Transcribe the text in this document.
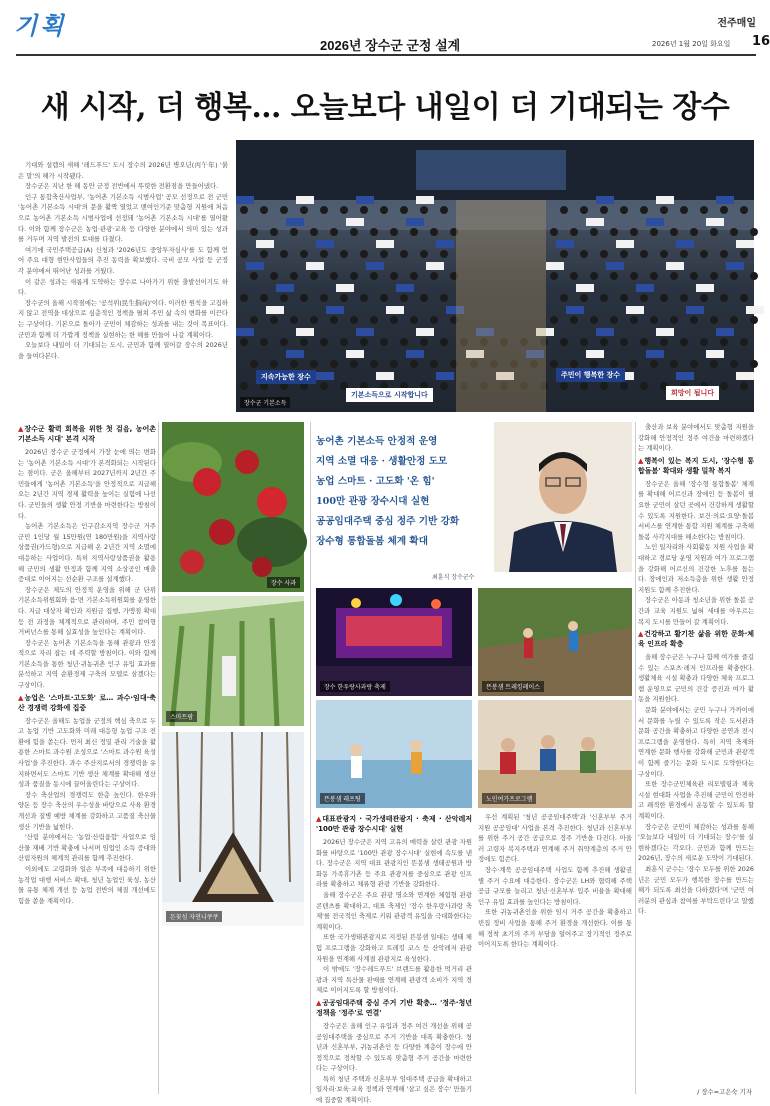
기획
2026년 장수군 군정 설계
전주매일
2026년 1월 20일 화요일 16
새 시작, 더 행복… 오늘보다 내일이 더 기대되는 장수

기대와 설렘의 새해 '레드푸드' 도시 장수의 2026년 병오년(丙午年) '붉은 말'의 해가 시작됐다.

장수군은 지난 한 해 동안 군정 전반에서 뚜렷한 전환점을 만들어냈다.

인구 통합축산사업부, '농어촌 기본소득 시범사업' 공모 선정으로 전 군민 '농어촌 기본소득 시대'의 문을 활짝 열었고 맨여인기준 맞춤형 지원에 처음으로 농어촌 기본소득 시범사업에 선정돼 '농어촌 기본소득 시대'를 열어왔다. 이와 함께 장수군은 농업·관광·교육 등 다양한 분야에서 의미 있는 성과를 거두며 지역 발전의 토대를 다졌다.

여기에 국민주택공급(A) 신청과 '2026년도 중앙투자심사'를 도 함께 얻어 주요 대형 현안사업들의 추진 동력을 확보했다. 국비 공모 사업 등 군정 각 분야에서 뛰어난 성과를 거뒀다.

이 같은 성과는 새롭게 도약하는 장수로 나아가기 위한 출발선이기도 하다.

장수군의 올해 시작점에는 '공석위(民生指向)'이다. 이러한 원칙을 고집하지 않고 전역을 대상으로 심층적인 정책을 펼쳐 주민 삶 속의 변화를 이끈다는 구상이다. 기본으로 돌아가 군민이 체감하는 성과를 내는 것이 목표이다. 군민과 함께 더 가깝게 정책을 실현하는 한 해를 만들어 나갈 계획이다.

오늘보다 내일이 더 기대되는 도시, 군민과 함께 열어갈 장수의 2026년을 들여다본다.

지속가능한 장수
기본소득으로 시작합니다
주민이 행복한 장수
희망이 됩니다
장수군 기본소득
▲장수군 활력 회복을 위한 첫 걸음, 농어촌 기본소득 시대' 본격 시작

2026년 장수군 군정에서 가장 눈에 띄는 변화는 '농어촌 기본소득 시대'가 본격화되는 시작된다는 점이다. 군은 올해부터 2027년까지 2년간 주민들에게 '농어촌 기본소득'을 안정적으로 지급해 오는 2년간 지역 경제 활력을 높이는 실험에 나선다. 군민들의 생활 안정 기반을 마련한다는 방침이다.

농어촌 기본소득은 인구감소지역 장수군 거주 군민 1인당 월 15만원(연 180만원)을 지역사랑상품권(카드형)으로 지급해 온 2년간 지역 소멸에 대응하는 사업이다. 특히 지역사랑상품권을 활용해 군민의 생활 안정과 함께 지역 소상공인 매출 증대로 이어지는 선순환 구조를 설계했다.

장수군은 제도의 안정적 운영을 위해 군 단위 기본소득위원회와 읍·면 기본소득위원회를 운영한다. 지급 대상자 확인과 지원금 집행, 가맹점 확대 등 전 과정을 체계적으로 관리하며, 주민 참여형 거버넌스를 통해 실효성을 높인다는 계획이다.

장수군은 농어촌 기본소득을 통해 관광과 안정적으로 자리 잡는 데 주력할 방침이다. 이와 함께 기본소득을 통한 청년·귀농귀촌 인구 유입 효과를 분석하고 지역 순환경제 구축의 모델로 삼겠다는 구상이다.

▲농업은 '스마트·고도화' 로… 과수·임대·축산 경쟁력 강화에 집중

장수군은 올해도 농업을 군정의 핵심 축으로 두고 농업 기반 고도화와 미래 대응형 농업 구조 전환에 힘을 쏟는다. 먼저 최신 정밀 관리 기술을 활용한 스마트 과수원 조성으로 '스마트 과수원 육성 사업'을 추진한다. 과수 주산지로서의 경쟁력을 유지하면서도 스마트 기반 생산 체계를 확대해 생산성과 품질을 동시에 끌어올린다는 구상이다.

장수 축산업의 경쟁력도 한층 높인다. 한우와 양돈 등 장수 축산의 우수성을 바탕으로 사육 환경 개선과 질병 예방 체계를 강화하고 고품질 축산물 생산 기반을 넓힌다.

'산림 분야에서는 '농업·산림융합' 사업으로 임산물 재배 기반 확충에 나서며 임업인 소득 증대와 산림자원의 체계적 관리를 함께 추진한다.

이외에도 고령화와 일손 부족에 대응하기 위한 농작업 대행 서비스 확대, 청년 농업인 육성, 농산물 유통 체계 개선 등 농업 전반의 체질 개선에도 힘을 쏟을 계획이다.

장수 사과
스마트팜
돈꽃섬 자연니쿠쿠
농어촌 기본소득 안정적 운영
지역 소멸 대응 · 생활안정 도모
농업 스마트 · 고도화 '온 힘'
100만 관광 장수시대 실현
공공임대주택 중심 정주 기반 강화
장수형 통합돌봄 체계 확대
최훈식 장수군수
장수 한우랑사과랑 축제	뜬봉샘 트레킹레이스
뜬봉샘 래프팅	노인여가프로그램
▲대표관광지 · 국가생태관광지 · 축제 · 산악레저 '100만 관광 장수시대' 실현

2026년 장수군은 지역 고유의 매력을 살린 관광 자원화를 바탕으로 '100만 관광 장수시대' 실현에 속도를 낸다. 장수군은 지역 대표 관광지인 뜬봉샘 생태공원과 방화동 가족휴가촌 등 주요 관광지를 중심으로 관광 인프라를 확충하고 체류형 관광 기반을 강화한다.

올해 장수군은 주요 관광 명소와 연계한 체험형 관광 콘텐츠를 확대하고, 대표 축제인 '장수 한우랑사과랑 축제'를 전국적인 축제로 키워 관광객 유입을 극대화한다는 계획이다.

또한 국가생태관광지로 지정된 뜬봉샘 일대는 생태 체험 프로그램을 강화하고 트레킹 코스 등 산악레저 관광 자원을 연계해 사계절 관광지로 육성한다.

이 밖에도 '장수레드푸드' 브랜드를 활용한 먹거리 관광과 지역 특산물 판매를 연계해 관광객 소비가 지역 경제로 이어지도록 할 방침이다.

▲공공임대주택 중심 주거 기반 확충… '정주·청년 정책을 '정주'로 연결'

장수군은 올해 인구 유입과 정주 여건 개선을 위해 공공임대주택을 중심으로 주거 기반을 대폭 확충한다. 청년과 신혼부부, 귀농귀촌인 등 다양한 계층이 장수에 안정적으로 정착할 수 있도록 맞춤형 주거 공간을 마련한다는 구상이다.

특히 청년 주택과 신혼부부 임대주택 공급을 확대하고 일자리·보육·교육 정책과 연계해 '살고 싶은 장수' 만들기에 집중할 계획이다.

우선 계획된 '청년 공공임대주택'과 '신혼부부 주거 지원 공공임대' 사업을 본격 추진한다. 청년과 신혼부부를 위한 주거 공간 공급으로 정주 기반을 다진다. 아울러 고령자 복지주택과 연계해 주거 취약계층의 주거 안정에도 힘쓴다.

장수·계북 공공임대주택 사업도 함께 추진해 생활권별 주거 수요에 대응한다. 장수군은 LH와 협력해 주택 공급 규모를 늘리고 청년·신혼부부 입주 비율을 확대해 인구 유입 효과를 높인다는 방침이다.

또한 귀농귀촌인을 위한 임시 거주 공간을 확충하고 빈집 정비 사업을 통해 주거 환경을 개선한다. 이를 통해 정착 초기의 주거 부담을 덜어주고 장기적인 정주로 이어지도록 한다는 계획이다.

출산과 보육 분야에서도 맞춤형 지원을 강화해 안정적인 정주 여건을 마련하겠다는 계획이다.

▲행복이 있는 복지 도시, '장수형 통합돌봄' 확대와 생활 밀착 복지

장수군은 올해 '장수형 통합돌봄' 체계를 확대해 어르신과 장애인 등 돌봄이 필요한 군민이 살던 곳에서 건강하게 생활할 수 있도록 지원한다. 보건·의료·요양·돌봄 서비스를 연계한 통합 지원 체계를 구축해 돌봄 사각지대를 해소한다는 방침이다.

노인 일자리와 사회활동 지원 사업을 확대하고 경로당 운영 지원과 여가 프로그램을 강화해 어르신의 건강한 노후를 돕는다. 장애인과 저소득층을 위한 생활 안정 지원도 함께 추진한다.

장수군은 아동과 청소년을 위한 돌봄 공간과 교육 지원도 넓혀 세대를 아우르는 복지 도시를 만들어 갈 계획이다.

▲건강하고 활기찬 삶을 위한 문화·체육 인프라 확충

올해 장수군은 누구나 함께 여가를 즐길 수 있는 스포츠·레저 인프라를 확충한다. 생활체육 시설 확충과 다양한 체육 프로그램 운영으로 군민의 건강 증진과 여가 활동을 지원한다.

문화 분야에서는 군민 누구나 가까이에서 문화를 누릴 수 있도록 작은 도서관과 문화 공간을 확충하고 다양한 공연과 전시 프로그램을 운영한다. 특히 지역 축제와 연계한 문화 행사를 강화해 군민과 관광객이 함께 즐기는 문화 도시로 도약한다는 구상이다.

또한 장수군민체육관 리모델링과 체육 시설 현대화 사업을 추진해 군민이 안전하고 쾌적한 환경에서 운동할 수 있도록 할 계획이다.

장수군은 군민이 체감하는 성과를 통해 '오늘보다 내일이 더 기대되는 장수'를 실현하겠다는 각오다. 군민과 함께 만드는 2026년, 장수의 새로운 도약이 기대된다.

최훈식 군수는 '장수 모두를 위한 2026년은 군민 모두가 행복한 장수를 만드는 해가 되도록 최선을 다하겠다'며 '군민 여러분의 관심과 참여를 부탁드린다'고 말했다.

/ 장수=고은숙 기자
